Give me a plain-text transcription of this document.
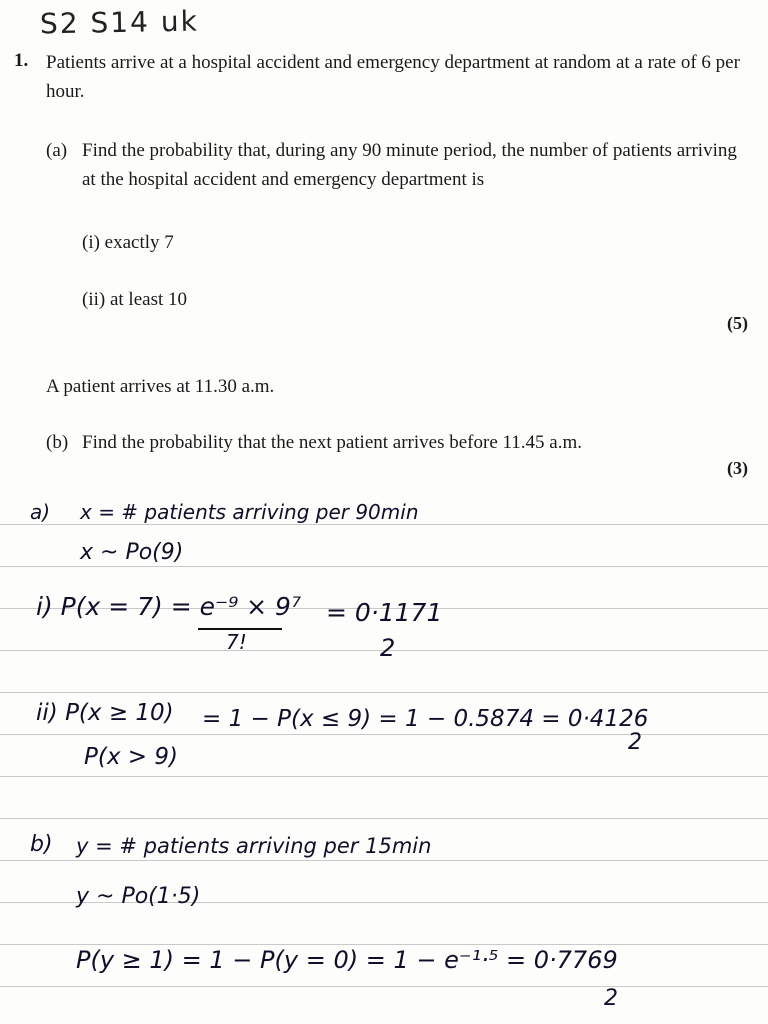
S2 S14 uk
1. Patients arrive at a hospital accident and emergency department at random at a rate of 6 per hour.
(a) Find the probability that, during any 90 minute period, the number of patients arriving at the hospital accident and emergency department is
(i) exactly 7
(ii) at least 10
(5)
A patient arrives at 11.30 a.m.
(b) Find the probability that the next patient arrives before 11.45 a.m.
(3)
a) x = # patients arriving per 90min
x ~ Po(9)
i) P(x = 7) = e⁻⁹ × 9⁷
7!
= 0·1171
2
ii) P(x ≥ 10) = 1 − P(x ≤ 9) = 1 − 0.5874 = 0·4126
P(x > 9)
2
b) y = # patients arriving per 15min
y ~ Po(1·5)
P(y ≥ 1) = 1 − P(y = 0) = 1 − e⁻¹·⁵ = 0·7769
2
